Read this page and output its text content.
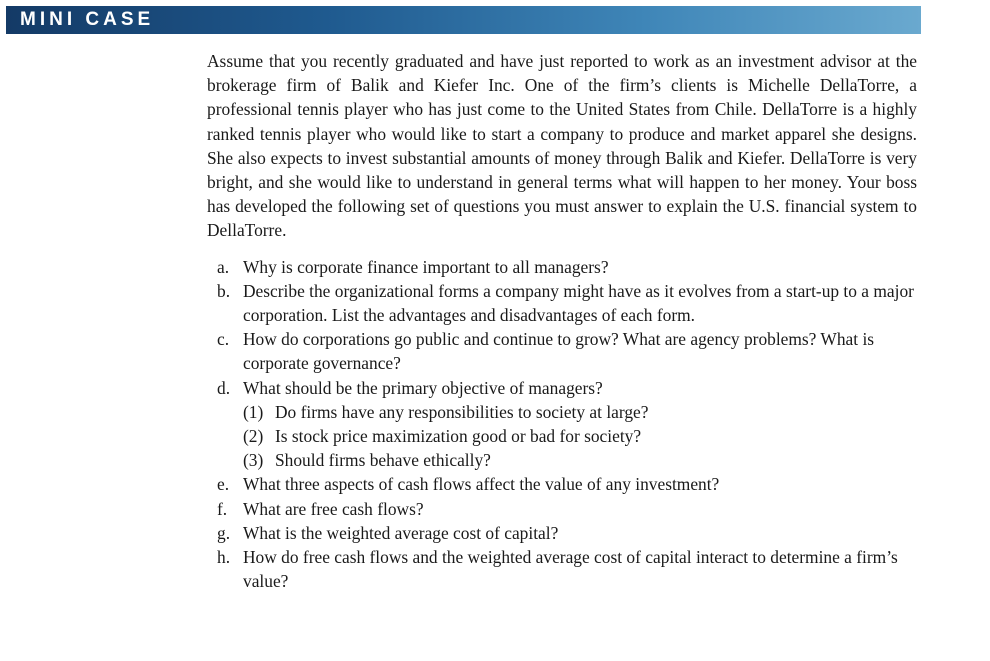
MINI CASE

Assume that you recently graduated and have just reported to work as an investment advisor at the brokerage firm of Balik and Kiefer Inc. One of the firm’s clients is Michelle DellaTorre, a professional tennis player who has just come to the United States from Chile. DellaTorre is a highly ranked tennis player who would like to start a company to produce and market apparel she designs. She also expects to invest substantial amounts of money through Balik and Kiefer. DellaTorre is very bright, and she would like to understand in general terms what will happen to her money. Your boss has developed the following set of questions you must answer to explain the U.S. financial system to DellaTorre.

a. Why is corporate finance important to all managers?
b. Describe the organizational forms a company might have as it evolves from a start-up to a major corporation. List the advantages and disadvantages of each form.
c. How do corporations go public and continue to grow? What are agency problems? What is corporate governance?
d. What should be the primary objective of managers?
(1) Do firms have any responsibilities to society at large?
(2) Is stock price maximization good or bad for society?
(3) Should firms behave ethically?
e. What three aspects of cash flows affect the value of any investment?
f. What are free cash flows?
g. What is the weighted average cost of capital?
h. How do free cash flows and the weighted average cost of capital interact to determine a firm’s value?
